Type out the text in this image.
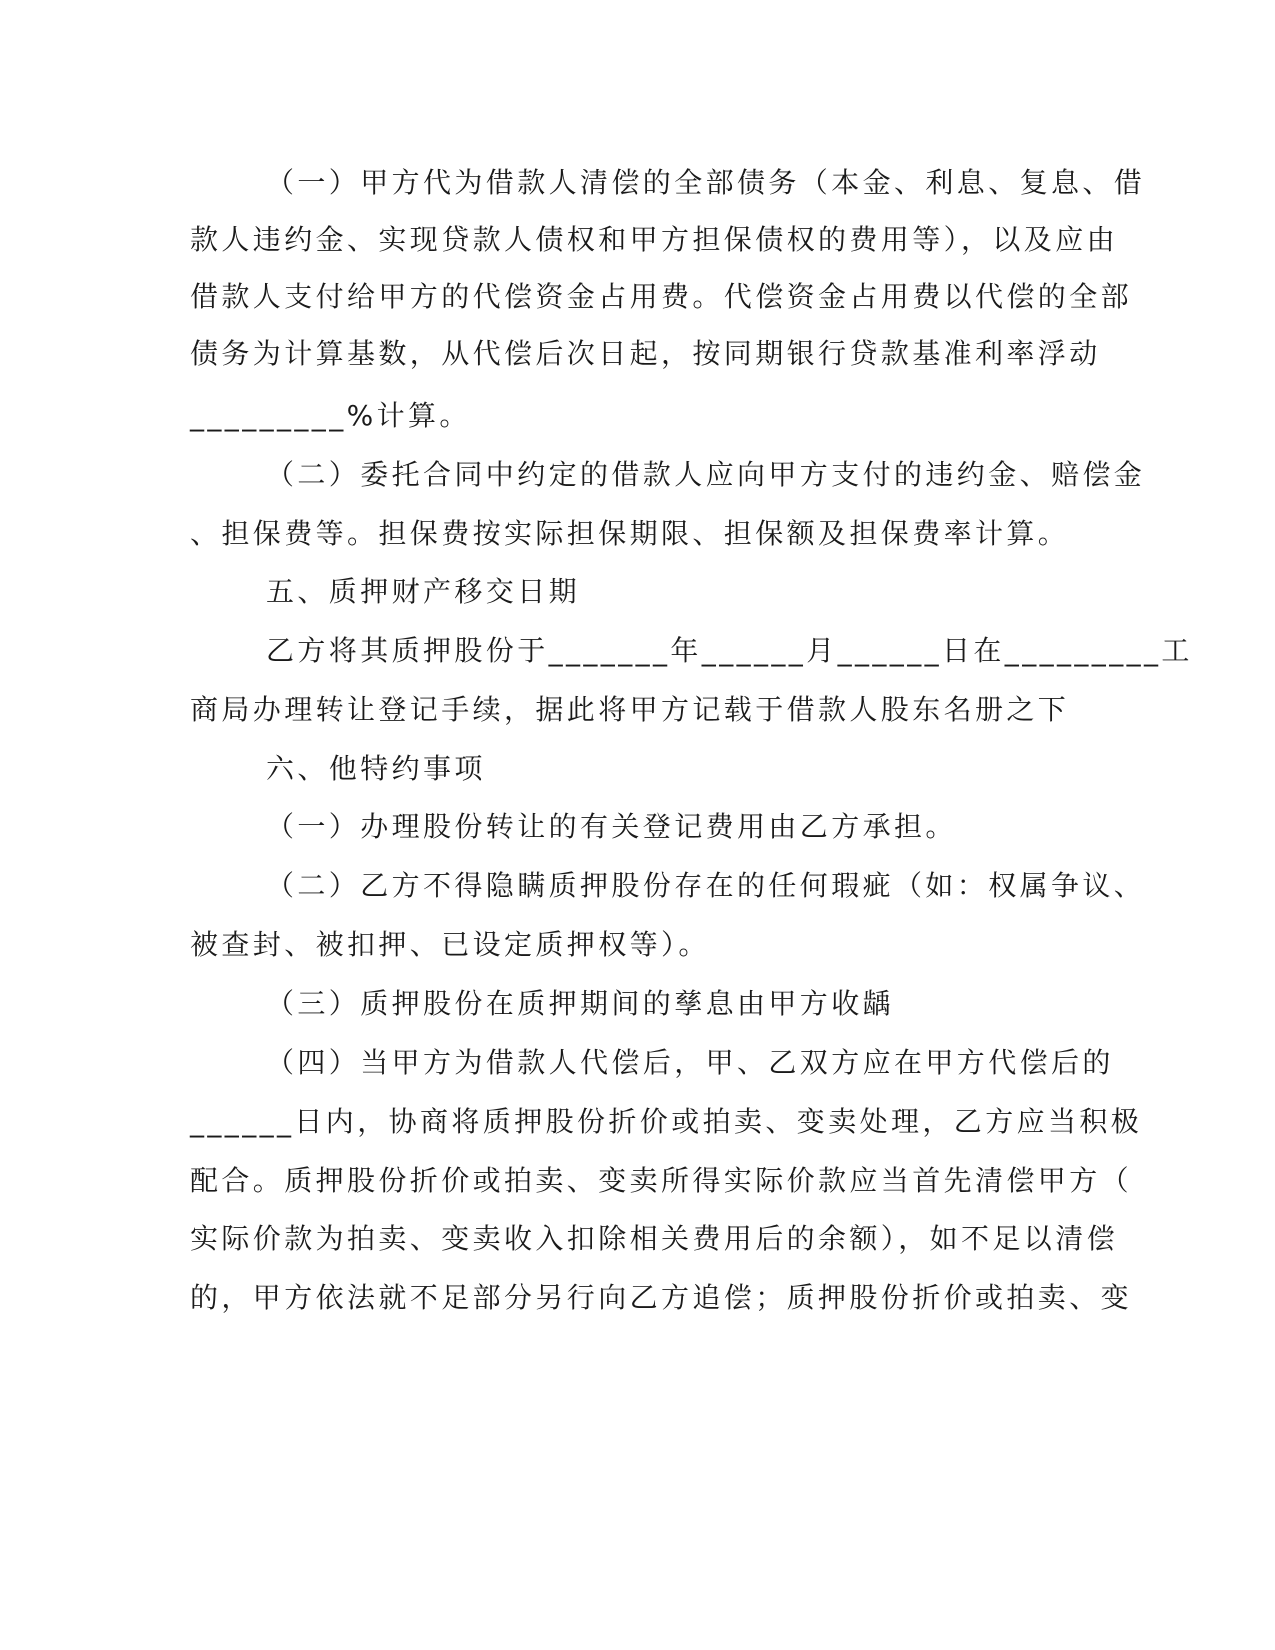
（一）甲方代为借款人清偿的全部债务（本金、利息、复息、借
款人违约金、实现贷款人债权和甲方担保债权的费用等），以及应由
借款人支付给甲方的代偿资金占用费。代偿资金占用费以代偿的全部
债务为计算基数，从代偿后次日起，按同期银行贷款基准利率浮动
_________%计算。
（二）委托合同中约定的借款人应向甲方支付的违约金、赔偿金
、担保费等。担保费按实际担保期限、担保额及担保费率计算。
五、质押财产移交日期
乙方将其质押股份于_______年______月______日在_________工
商局办理转让登记手续，据此将甲方记载于借款人股东名册之下
六、他特约事项
（一）办理股份转让的有关登记费用由乙方承担。
（二）乙方不得隐瞒质押股份存在的任何瑕疵（如：权属争议、
被查封、被扣押、已设定质押权等）。
（三）质押股份在质押期间的孳息由甲方收龋
（四）当甲方为借款人代偿后，甲、乙双方应在甲方代偿后的
______日内，协商将质押股份折价或拍卖、变卖处理，乙方应当积极
配合。质押股份折价或拍卖、变卖所得实际价款应当首先清偿甲方（
实际价款为拍卖、变卖收入扣除相关费用后的余额），如不足以清偿
的，甲方依法就不足部分另行向乙方追偿；质押股份折价或拍卖、变
